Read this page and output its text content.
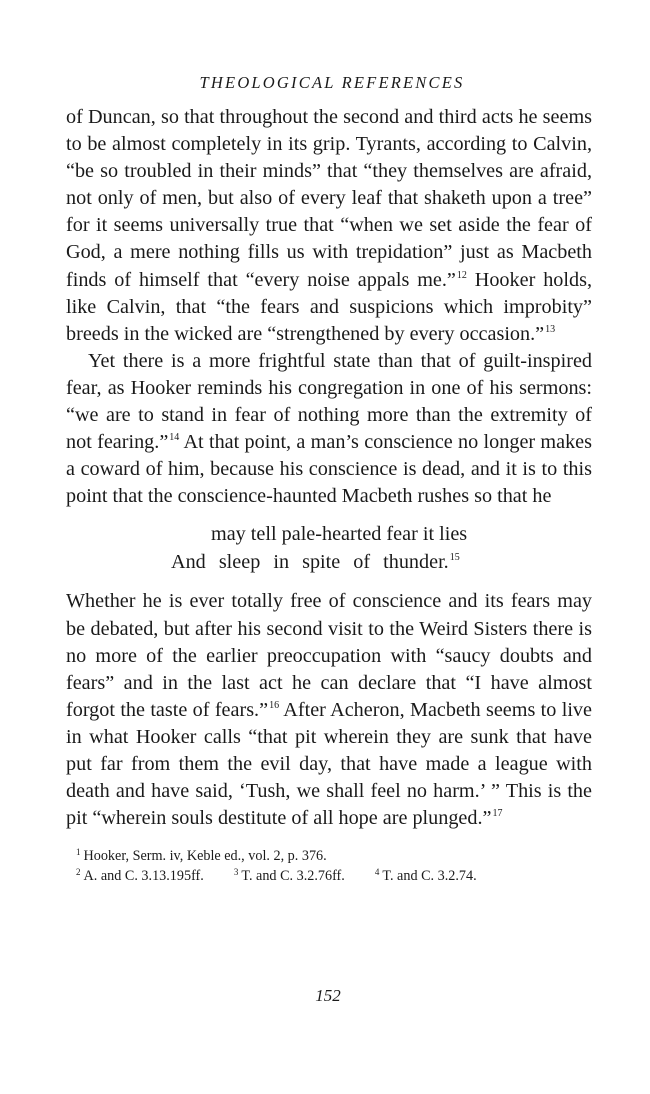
THEOLOGICAL REFERENCES

of Duncan, so that throughout the second and third acts he seems to be almost completely in its grip. Tyrants, according to Calvin, “be so troubled in their minds” that “they themselves are afraid, not only of men, but also of every leaf that shaketh upon a tree” for it seems universally true that “when we set aside the fear of God, a mere nothing fills us with trepidation” just as Macbeth finds of himself that “every noise appals me.”$^{12}$ Hooker holds, like Calvin, that “the fears and suspicions which improbity” breeds in the wicked are “strengthened by every occasion.”$^{13}$

Yet there is a more frightful state than that of guilt-inspired fear, as Hooker reminds his congregation in one of his sermons: “we are to stand in fear of nothing more than the extremity of not fearing.”$^{14}$ At that point, a man’s conscience no longer makes a coward of him, because his conscience is dead, and it is to this point that the conscience-haunted Macbeth rushes so that he

may tell pale-hearted fear it lies
And sleep in spite of thunder.$^{15}$

Whether he is ever totally free of conscience and its fears may be debated, but after his second visit to the Weird Sisters there is no more of the earlier preoccupation with “saucy doubts and fears” and in the last act he can declare that “I have almost forgot the taste of fears.”$^{16}$ After Acheron, Macbeth seems to live in what Hooker calls “that pit wherein they are sunk that have put far from them the evil day, that have made a league with death and have said, ‘Tush, we shall feel no harm.’ ” This is the pit “wherein souls destitute of all hope are plunged.”$^{17}$

$^1$ Hooker, Serm. iv, Keble ed., vol. 2, p. 376.
$^2$ A. and C. 3.13.195ff.	$^3$ T. and C. 3.2.76ff.	$^4$ T. and C. 3.2.74.
152
